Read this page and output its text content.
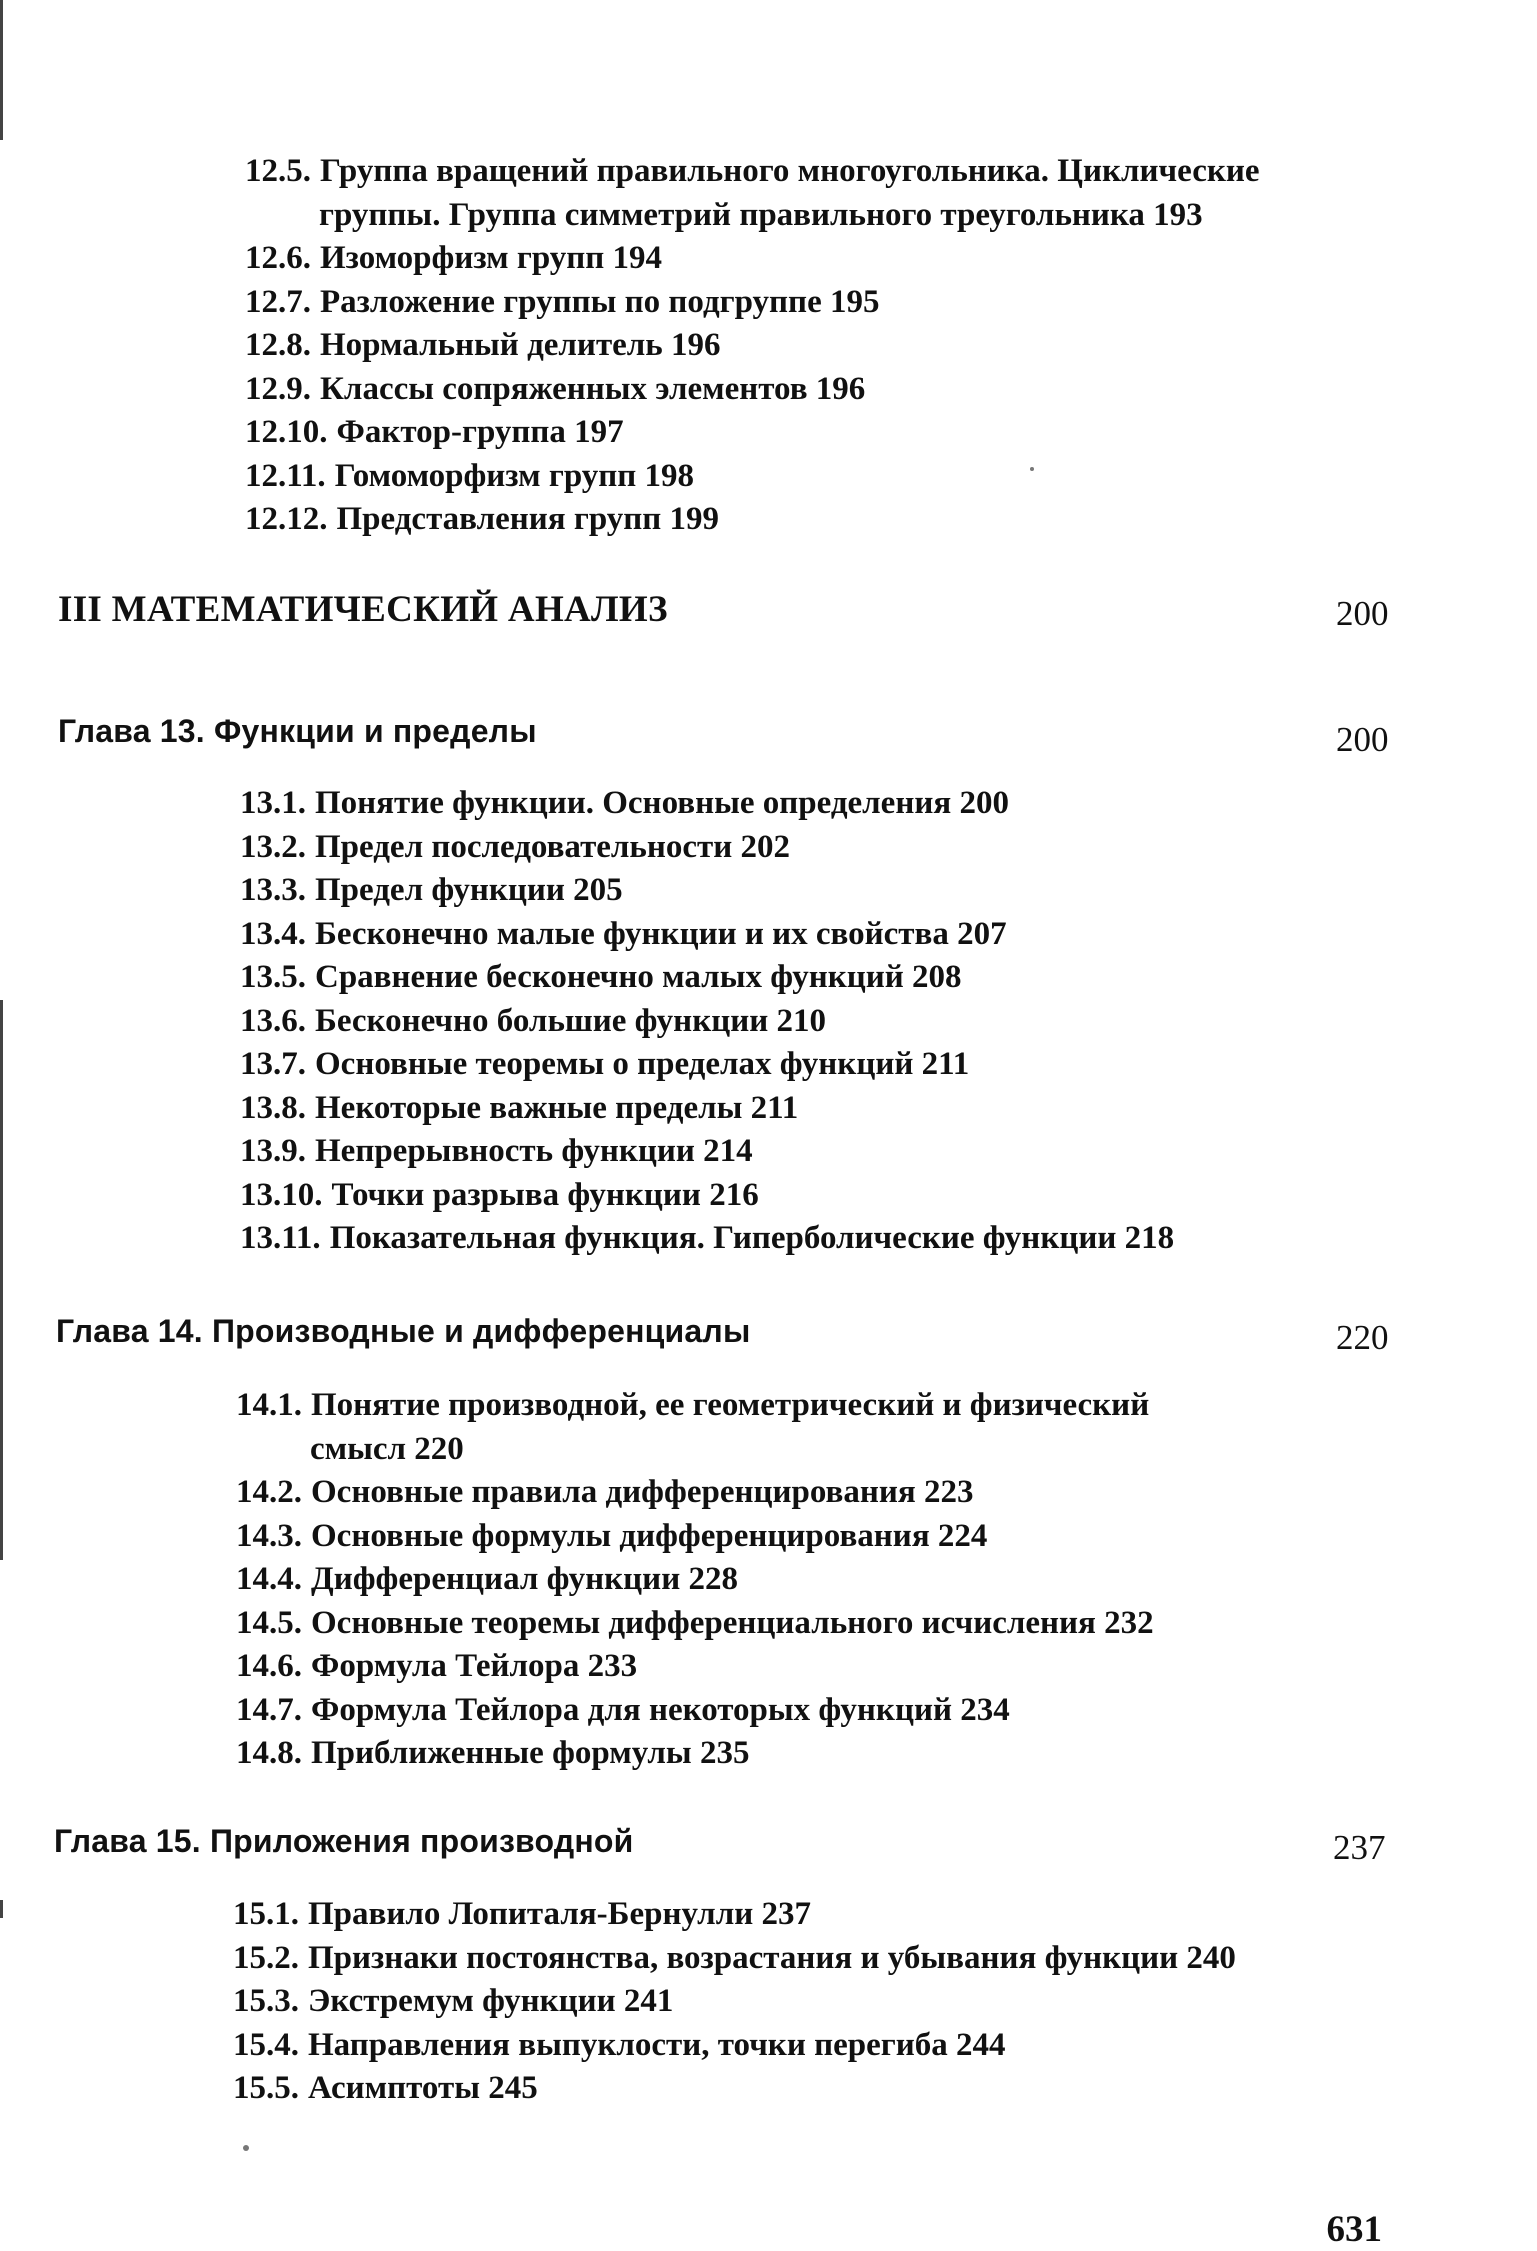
12.5. Группа вращений правильного многоугольника. Циклические
группы. Группа симметрий правильного треугольника 193
12.6. Изоморфизм групп 194
12.7. Разложение группы по подгруппе 195
12.8. Нормальный делитель 196
12.9. Классы сопряженных элементов 196
12.10. Фактор-группа 197
12.11. Гомоморфизм групп 198
12.12. Представления групп 199
III МАТЕМАТИЧЕСКИЙ АНАЛИЗ	200
Глава 13. Функции и пределы	200
13.1. Понятие функции. Основные определения 200
13.2. Предел последовательности 202
13.3. Предел функции 205
13.4. Бесконечно малые функции и их свойства 207
13.5. Сравнение бесконечно малых функций 208
13.6. Бесконечно большие функции 210
13.7. Основные теоремы о пределах функций 211
13.8. Некоторые важные пределы 211
13.9. Непрерывность функции 214
13.10. Точки разрыва функции 216
13.11. Показательная функция. Гиперболические функции 218
Глава 14. Производные и дифференциалы	220
14.1. Понятие производной, ее геометрический и физический
смысл 220
14.2. Основные правила дифференцирования 223
14.3. Основные формулы дифференцирования 224
14.4. Дифференциал функции 228
14.5. Основные теоремы дифференциального исчисления 232
14.6. Формула Тейлора 233
14.7. Формула Тейлора для некоторых функций 234
14.8. Приближенные формулы 235
Глава 15. Приложения производной	237
15.1. Правило Лопиталя-Бернулли 237
15.2. Признаки постоянства, возрастания и убывания функции 240
15.3. Экстремум функции 241
15.4. Направления выпуклости, точки перегиба 244
15.5. Асимптоты 245
631
